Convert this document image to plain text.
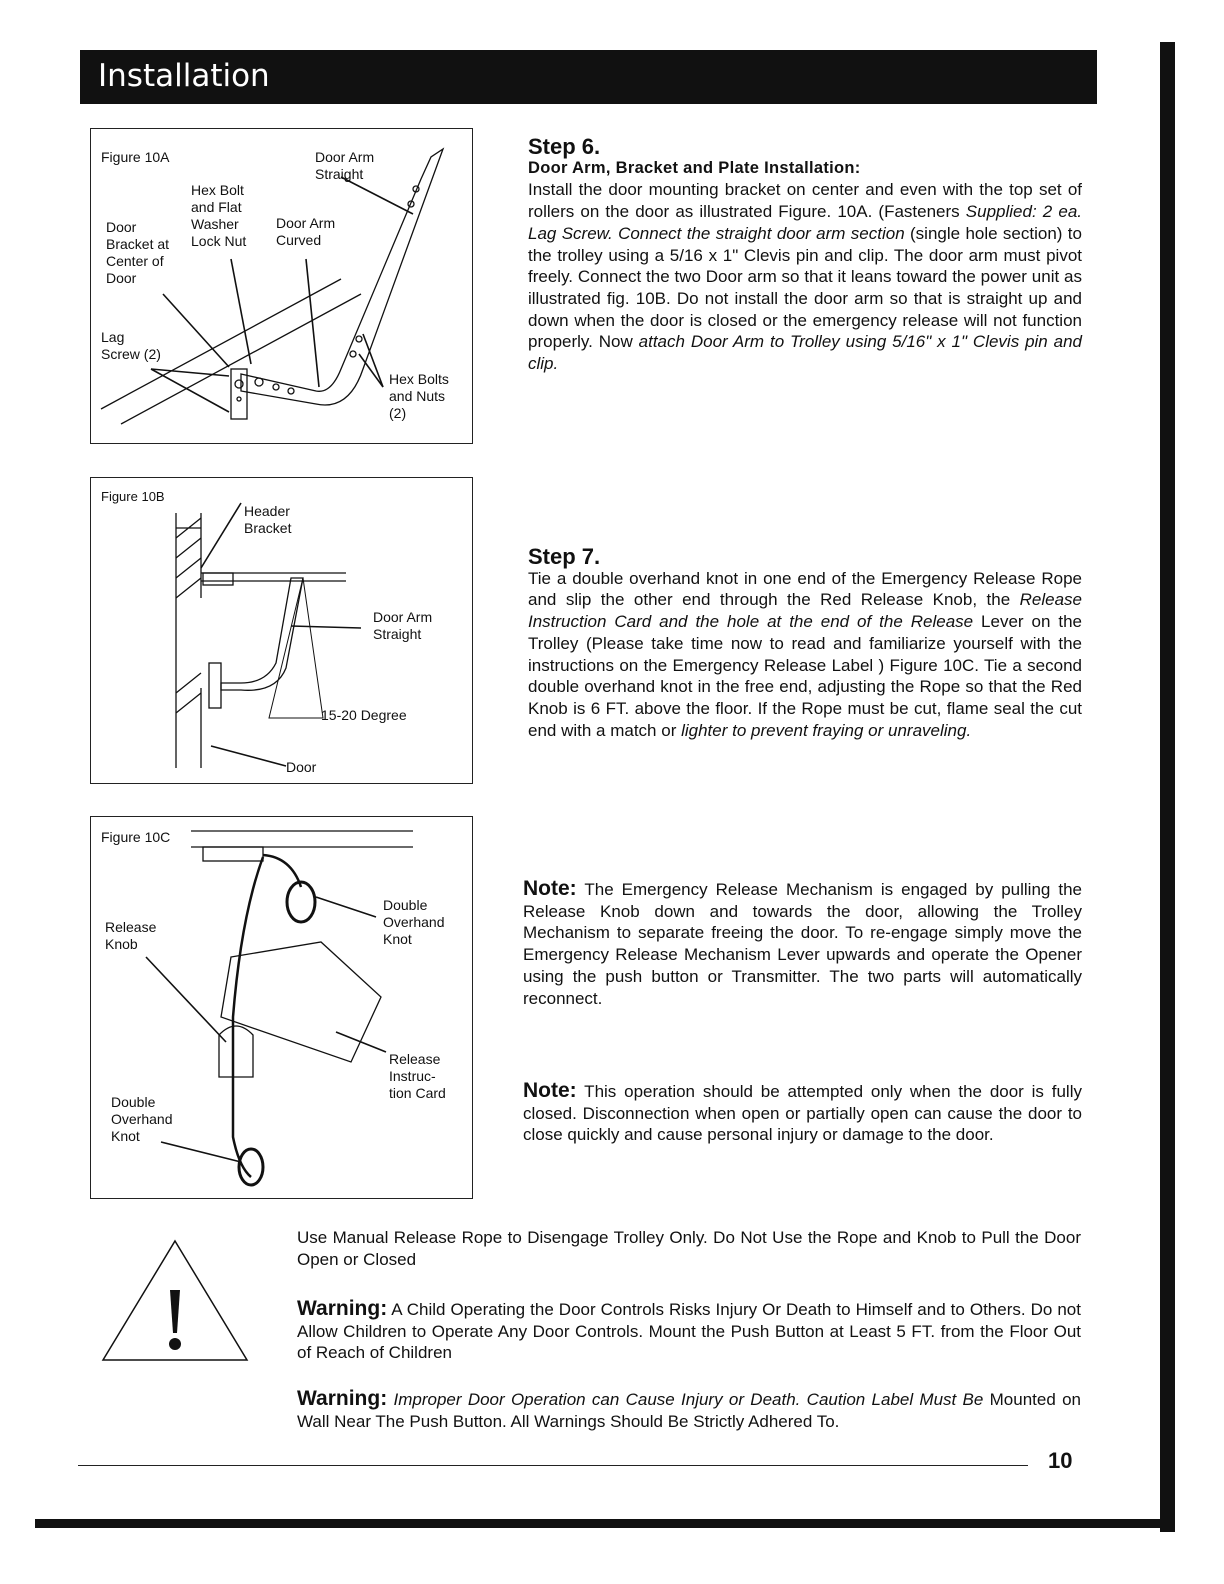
Installation
Figure 10A	Door Arm
Straight
Hex Bolt
and Flat
Washer
Lock Nut
Door
Bracket at
Center of
Door
Door Arm
Curved
Lag
Screw (2)
Hex Bolts
and Nuts
(2)
Figure 10B
Header
Bracket
Door Arm
Straight
15-20 Degree
Door
Figure 10C
Double
Overhand
Knot
Release
Knob
Release
Instruc-
tion Card
Double
Overhand
Knot
Step 6.
Door Arm, Bracket and Plate Installation:

Install the door mounting bracket on center and even with the top set of rollers on the door as illustrated Figure. 10A. (Fasteners Supplied: 2 ea. Lag Screw. Connect the straight door arm section (single hole section) to the trolley using a 5/16 x 1" Clevis pin and clip. The door arm must pivot freely. Connect the two Door arm so that it leans toward the power unit as illustrated fig. 10B. Do not install the door arm so that is straight up and down when the door is closed or the emergency release will not function properly. Now attach Door Arm to Trolley using 5/16" x 1" Clevis pin and clip.

Step 7.

Tie a double overhand knot in one end of the Emergency Release Rope and slip the other end through the Red Release Knob, the Release Instruction Card and the hole at the end of the Release Lever on the Trolley (Please take time now to read and familiarize yourself with the instructions on the Emergency Release Label ) Figure 10C. Tie a second double overhand knot in the free end, adjusting the Rope so that the Red Knob is 6 FT. above the floor. If the Rope must be cut, flame seal the cut end with a match or lighter to prevent fraying or unraveling.

Note: The Emergency Release Mechanism is engaged by pulling the Release Knob down and towards the door, allowing the Trolley Mechanism to separate freeing the door. To re-engage simply move the Emergency Release Mechanism Lever upwards and operate the Opener using the push button or Transmitter. The two parts will automatically reconnect.

Note: This operation should be attempted only when the door is fully closed. Disconnection when open or partially open can cause the door to close quickly and cause personal injury or damage to the door.

Use Manual Release Rope to Disengage Trolley Only. Do Not Use the Rope and Knob to Pull the Door Open or Closed

Warning: A Child Operating the Door Controls Risks Injury Or Death to Himself and to Others. Do not Allow Children to Operate Any Door Controls. Mount the Push Button at Least 5 FT. from the Floor Out of Reach of Children

Warning: Improper Door Operation can Cause Injury or Death. Caution Label Must Be Mounted on Wall Near The Push Button. All Warnings Should Be Strictly Adhered To.

10
